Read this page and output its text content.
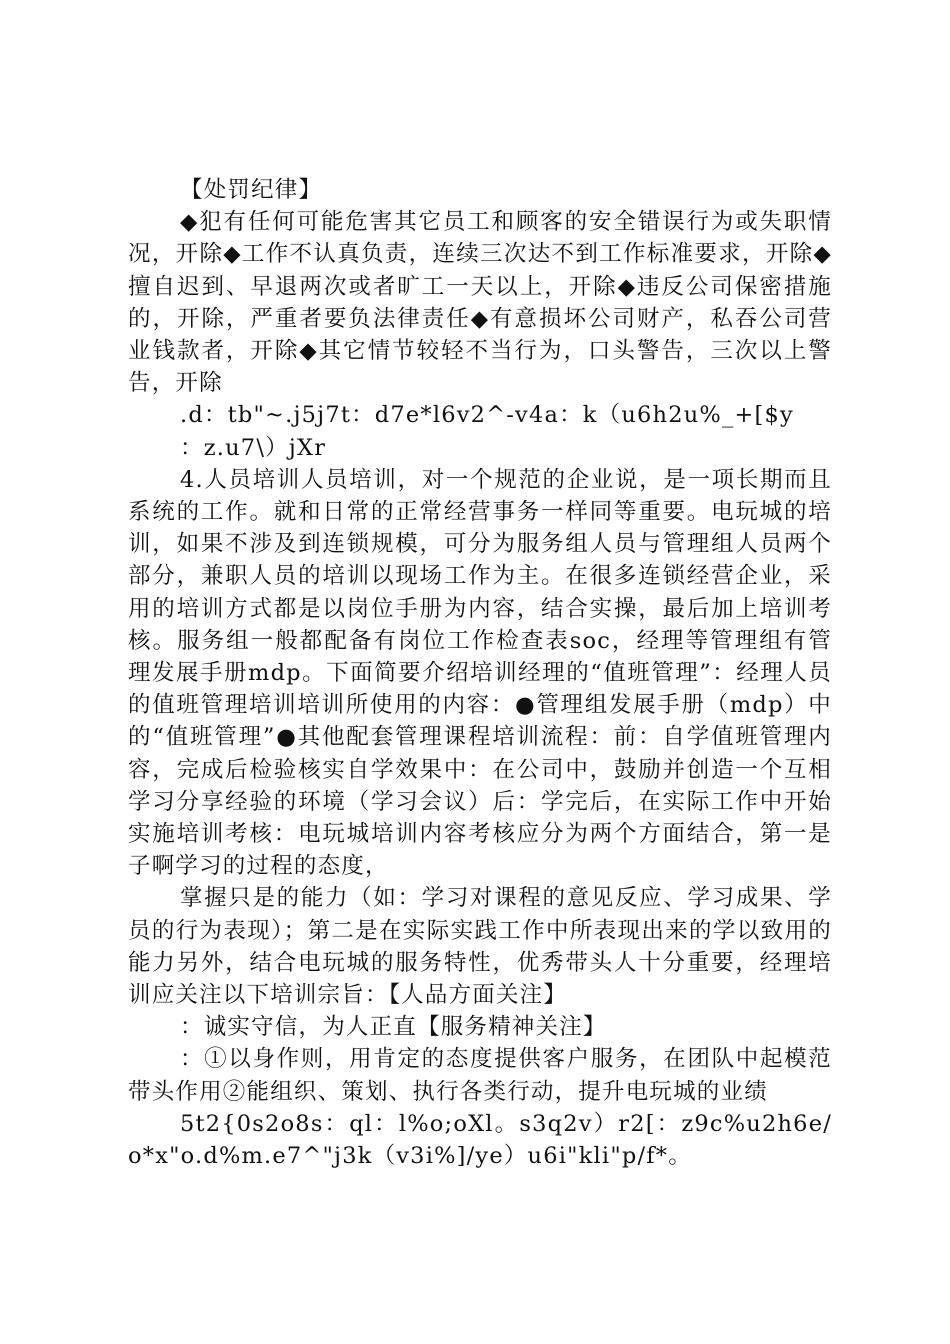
【处罚纪律】

◆犯有任何可能危害其它员工和顾客的安全错误行为或失职情况，开除◆工作不认真负责，连续三次达不到工作标准要求，开除◆擅自迟到、早退两次或者旷工一天以上，开除◆违反公司保密措施的，开除，严重者要负法律责任◆有意损坏公司财产，私吞公司营业钱款者，开除◆其它情节较轻不当行为，口头警告，三次以上警告，开除

.d：tb"~.j5j7t：d7e*l6v2^-v4a：k（u6h2u%_+[$y

：z.u7\）jXr

4.人员培训人员培训，对一个规范的企业说，是一项长期而且系统的工作。就和日常的正常经营事务一样同等重要。电玩城的培训，如果不涉及到连锁规模，可分为服务组人员与管理组人员两个部分，兼职人员的培训以现场工作为主。在很多连锁经营企业，采用的培训方式都是以岗位手册为内容，结合实操，最后加上培训考核。服务组一般都配备有岗位工作检查表soc，经理等管理组有管理发展手册mdp。下面简要介绍培训经理的“值班管理”：经理人员的值班管理培训培训所使用的内容：●管理组发展手册（mdp）中的“值班管理”●其他配套管理课程培训流程：前：自学值班管理内容，完成后检验核实自学效果中：在公司中，鼓励并创造一个互相学习分享经验的环境（学习会议）后：学完后，在实际工作中开始实施培训考核：电玩城培训内容考核应分为两个方面结合，第一是子啊学习的过程的态度，

掌握只是的能力（如：学习对课程的意见反应、学习成果、学员的行为表现）；第二是在实际实践工作中所表现出来的学以致用的能力另外，结合电玩城的服务特性，优秀带头人十分重要，经理培训应关注以下培训宗旨：【人品方面关注】

：诚实守信，为人正直【服务精神关注】

：①以身作则，用肯定的态度提供客户服务，在团队中起模范带头作用②能组织、策划、执行各类行动，提升电玩城的业绩

5t2{0s2o8s：ql：l%o;oXl。s3q2v）r2[：z9c%u2h6e/o*x"o.d%m.e7^"j3k（v3i%]/ye）u6i"kli"p/f*。
